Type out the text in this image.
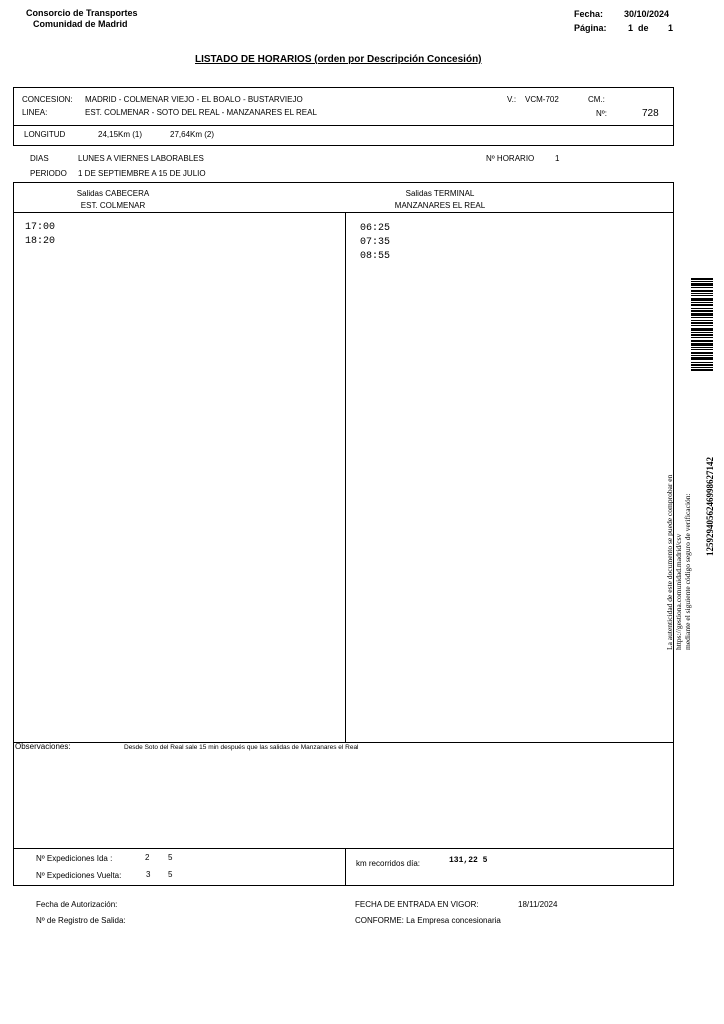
Consorcio de Transportes
Comunidad de Madrid
Fecha: 30/10/2024
Página: 1 de 1
LISTADO DE HORARIOS (orden por Descripción Concesión)
CONCESION: MADRID - COLMENAR VIEJO - EL BOALO - BUSTARVIEJO	V.: VCM-702	CM.:
LINEA:	EST. COLMENAR - SOTO DEL REAL - MANZANARES EL REAL	Nº:	728
LONGITUD	24,15Km (1)	27,64Km (2)
DIAS	LUNES A VIERNES LABORABLES	Nº HORARIO	1
PERIODO 1 DE SEPTIEMBRE A 15 DE JULIO
Salidas CABECERA
EST. COLMENAR
Salidas TERMINAL
MANZANARES EL REAL
17:00
18:20
06:25
07:35
08:55
Observaciones:	Desde Soto del Real sale 15 min después que las salidas de Manzanares el Real
Nº Expediciones Ida :	2 5
Nº Expediciones Vuelta:	3 5
km recorridos día:	131,22 5
Fecha de Autorización:
Nº de Registro de Salida:
FECHA DE ENTRADA EN VIGOR:	18/11/2024
CONFORME: La Empresa concesionaria
1259294056246998627142
La autenticidad de este documento se puede comprobar en https://gestiona.comunidad.madrid/csv mediante el siguiente código seguro de verificación:
